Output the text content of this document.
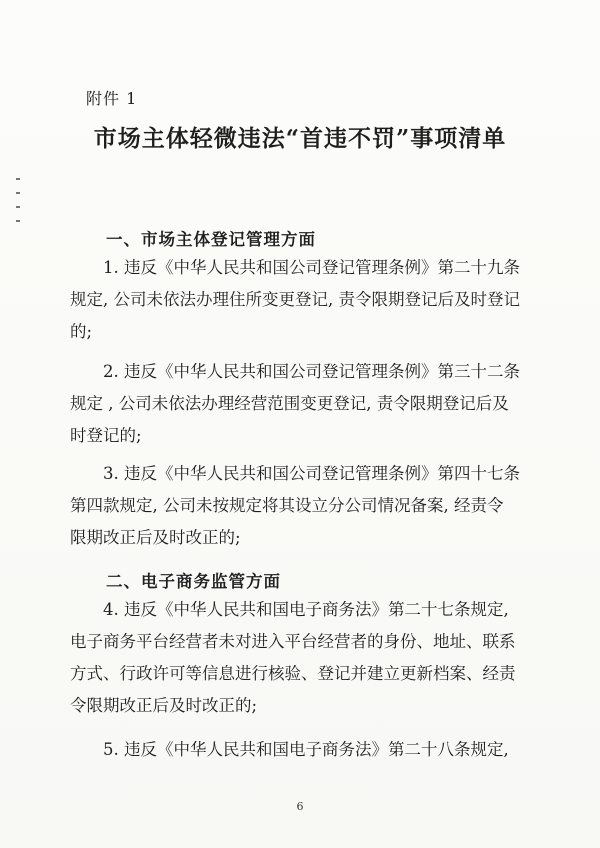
附件 1
市场主体轻微违法“首违不罚”事项清单
一、市场主体登记管理方面
1. 违反《中华人民共和国公司登记管理条例》第二十九条
规定, 公司未依法办理住所变更登记, 责令限期登记后及时登记
的;
2. 违反《中华人民共和国公司登记管理条例》第三十二条
规定 , 公司未依法办理经营范围变更登记, 责令限期登记后及
时登记的;
3. 违反《中华人民共和国公司登记管理条例》第四十七条
第四款规定, 公司未按规定将其设立分公司情况备案, 经责令
限期改正后及时改正的;
二、电子商务监管方面
4. 违反《中华人民共和国电子商务法》第二十七条规定,
电子商务平台经营者未对进入平台经营者的身份、地址、联系
方式、行政许可等信息进行核验、登记并建立更新档案、经责
令限期改正后及时改正的;
5. 违反《中华人民共和国电子商务法》第二十八条规定,
6
